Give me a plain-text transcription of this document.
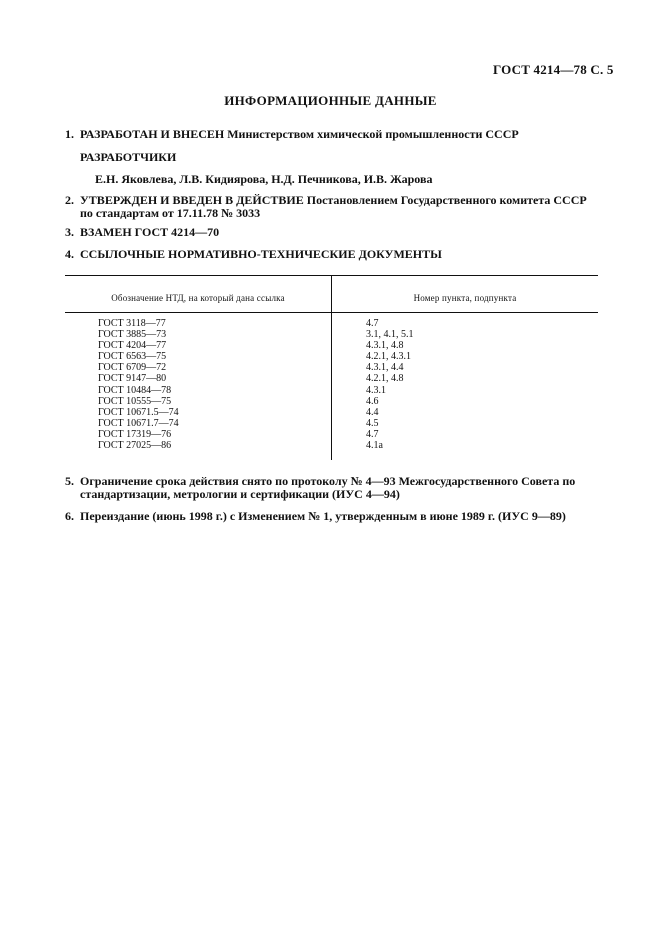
ГОСТ 4214—78 С. 5
ИНФОРМАЦИОННЫЕ ДАННЫЕ
1. РАЗРАБОТАН И ВНЕСЕН Министерством химической промышленности СССР
РАЗРАБОТЧИКИ
Е.Н. Яковлева, Л.В. Кидиярова, Н.Д. Печникова, И.В. Жарова
2. УТВЕРЖДЕН И ВВЕДЕН В ДЕЙСТВИЕ Постановлением Государственного комитета СССР по стандартам от 17.11.78 № 3033
3. ВЗАМЕН ГОСТ 4214—70
4. ССЫЛОЧНЫЕ НОРМАТИВНО-ТЕХНИЧЕСКИЕ ДОКУМЕНТЫ
Обозначение НТД, на который дана ссылка	Номер пункта, подпункта
ГОСТ 3118—77
ГОСТ 3885—73
ГОСТ 4204—77
ГОСТ 6563—75
ГОСТ 6709—72
ГОСТ 9147—80
ГОСТ 10484—78
ГОСТ 10555—75
ГОСТ 10671.5—74
ГОСТ 10671.7—74
ГОСТ 17319—76
ГОСТ 27025—86
4.7
3.1, 4.1, 5.1
4.3.1, 4.8
4.2.1, 4.3.1
4.3.1, 4.4
4.2.1, 4.8
4.3.1
4.6
4.4
4.5
4.7
4.1а
5. Ограничение срока действия снято по протоколу № 4—93 Межгосударственного Совета по стандартизации, метрологии и сертификации (ИУС 4—94)
6. Переиздание (июнь 1998 г.) с Изменением № 1, утвержденным в июне 1989 г. (ИУС 9—89)
